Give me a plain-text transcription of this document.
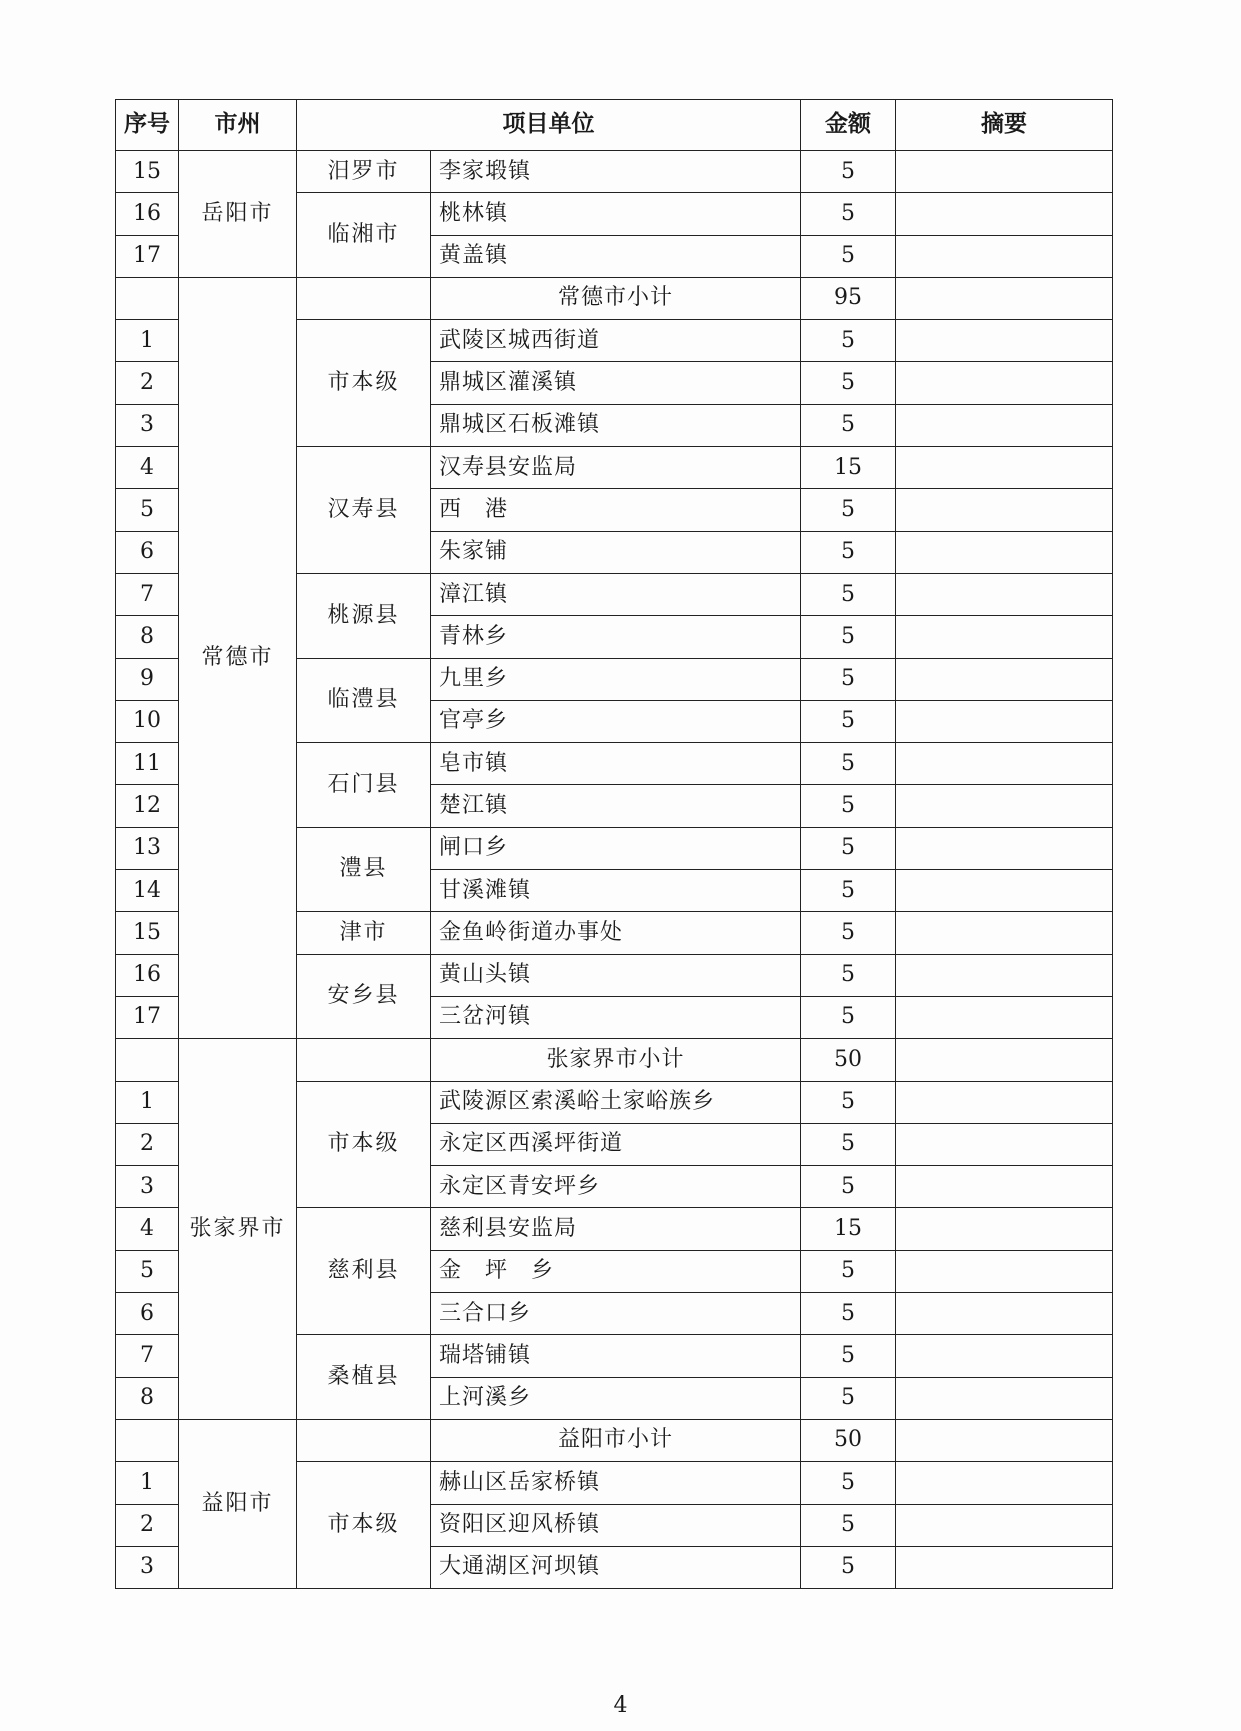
序号	市州	项目单位		金额	摘要
15	岳阳市	汨罗市	李家塅镇	5	
16		临湘市	桃林镇	5	
17			黄盖镇	5	
	常德市		常德市小计	95	
1		市本级	武陵区城西街道	5	
2			鼎城区灌溪镇	5	
3			鼎城区石板滩镇	5	
4		汉寿县	汉寿县安监局	15	
5			西　港	5	
6			朱家铺	5	
7		桃源县	漳江镇	5	
8			青林乡	5	
9		临澧县	九里乡	5	
10			官亭乡	5	
11		石门县	皂市镇	5	
12			楚江镇	5	
13		澧县	闸口乡	5	
14			甘溪滩镇	5	
15		津市	金鱼岭街道办事处	5	
16		安乡县	黄山头镇	5	
17			三岔河镇	5	
	张家界市		张家界市小计	50	
1		市本级	武陵源区索溪峪土家峪族乡	5	
2			永定区西溪坪街道	5	
3			永定区青安坪乡	5	
4		慈利县	慈利县安监局	15	
5			金　坪　乡	5	
6			三合口乡	5	
7		桑植县	瑞塔铺镇	5	
8			上河溪乡	5	
	益阳市		益阳市小计	50	
1		市本级	赫山区岳家桥镇	5	
2			资阳区迎风桥镇	5	
3			大通湖区河坝镇	5	
4
